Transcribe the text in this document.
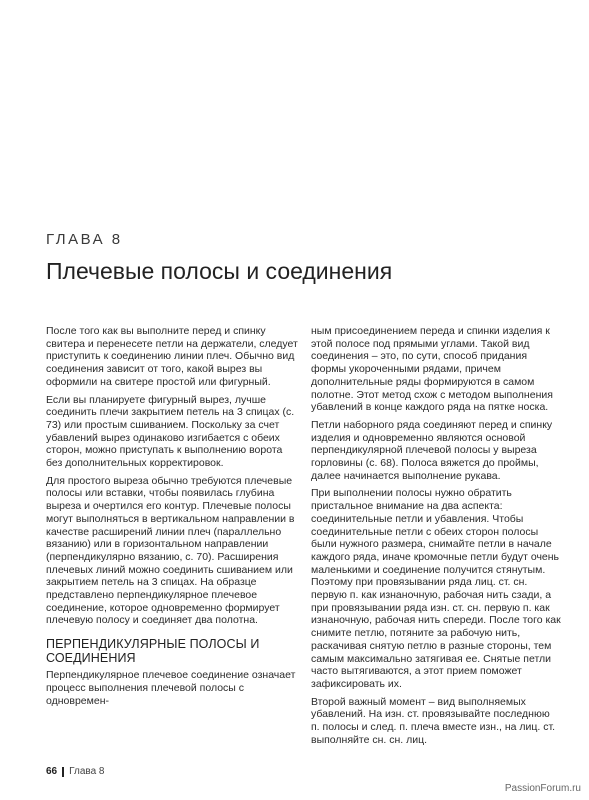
ГЛАВА 8
Плечевые полосы и соединения

После того как вы выполните перед и спинку свитера и перенесете петли на держатели, следует приступить к соединению линии плеч. Обычно вид соединения зависит от того, какой вырез вы оформили на свитере простой или фигурный.

Если вы планируете фигурный вырез, лучше соединить плечи закрытием петель на 3 спицах (с. 73) или простым сшиванием. Поскольку за счет убавлений вырез одинаково изгибается с обеих сторон, можно приступать к выполнению ворота без дополнительных корректировок.

Для простого выреза обычно требуются плечевые полосы или вставки, чтобы появилась глубина выреза и очертился его контур. Плечевые полосы могут выполняться в вертикальном направлении в качестве расширений линии плеч (параллельно вязанию) или в горизонтальном направлении (перпендикулярно вязанию, с. 70). Расширения плечевых линий можно соединить сшиванием или закрытием петель на 3 спицах. На образце представлено перпендикулярное плечевое соединение, которое одновременно формирует плечевую полосу и соединяет два полотна.

ПЕРПЕНДИКУЛЯРНЫЕ ПОЛОСЫ И СОЕДИНЕНИЯ

Перпендикулярное плечевое соединение означает процесс выполнения плечевой полосы с одновремен-

ным присоединением переда и спинки изделия к этой полосе под прямыми углами. Такой вид соединения – это, по сути, способ придания формы укороченными рядами, причем дополнительные ряды формируются в самом полотне. Этот метод схож с методом выполнения убавлений в конце каждого ряда на пятке носка.

Петли наборного ряда соединяют перед и спинку изделия и одновременно являются основой перпендикулярной плечевой полосы у выреза горловины (с. 68). Полоса вяжется до проймы, далее начинается выполнение рукава.

При выполнении полосы нужно обратить пристальное внимание на два аспекта: соединительные петли и убавления. Чтобы соединительные петли с обеих сторон полосы были нужного размера, снимайте петли в начале каждого ряда, иначе кромочные петли будут очень маленькими и соединение получится стянутым. Поэтому при провязывании ряда лиц. ст. сн. первую п. как изнаночную, рабочая нить сзади, а при провязывании ряда изн. ст. сн. первую п. как изнаночную, рабочая нить спереди. После того как снимите петлю, потяните за рабочую нить, раскачивая снятую петлю в разные стороны, тем самым максимально затягивая ее. Снятые петли часто вытягиваются, а этот прием поможет зафиксировать их.

Второй важный момент – вид выполняемых убавлений. На изн. ст. провязывайте последнюю п. полосы и след. п. плеча вместе изн., на лиц. ст. выполняйте сн. сн. лиц.

66 Глава 8
PassionForum.ru
